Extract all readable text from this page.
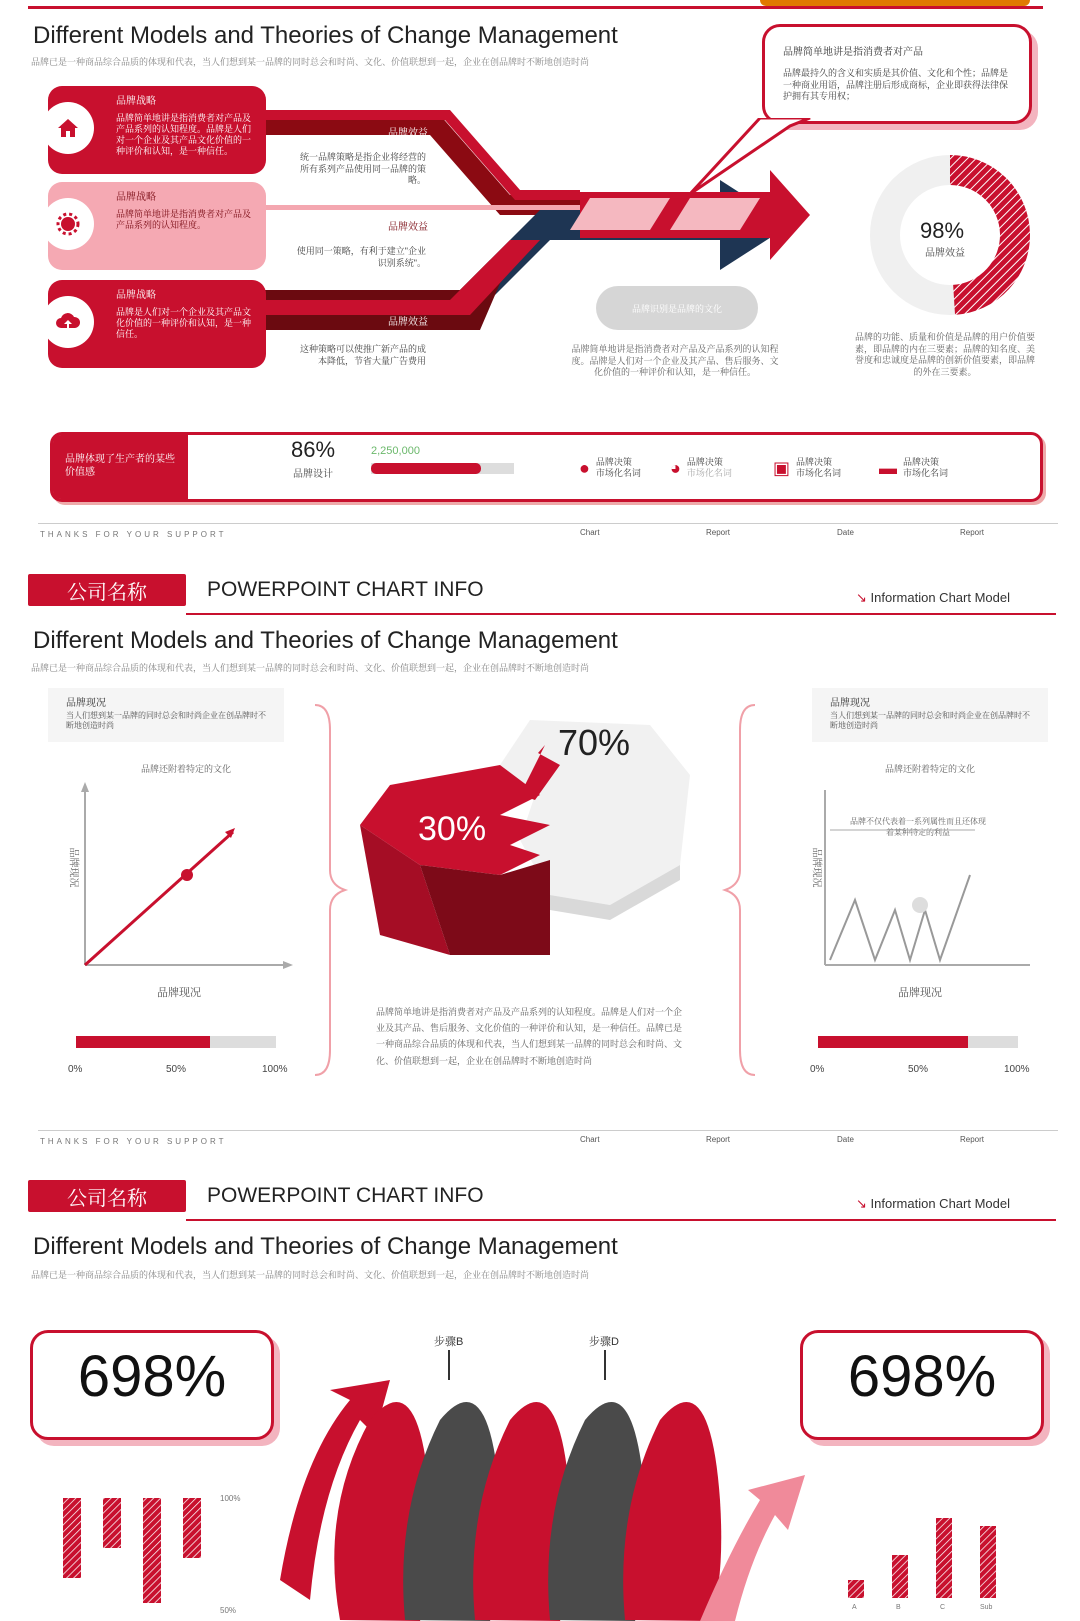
Different Models and Theories of Change Management
品牌已是一种商品综合品质的体现和代表，当人们想到某一品牌的同时总会和时尚、文化、价值联想到一起，企业在创品牌时不断地创造时尚
品牌战略
品牌简单地讲是指消费者对产品及产品系列的认知程度。品牌是人们对一个企业及其产品文化价值的一种评价和认知，是一种信任。
品牌战略
品牌简单地讲是指消费者对产品及产品系列的认知程度。
品牌战略
品牌是人们对一个企业及其产品文化价值的一种评价和认知，是一种信任。
品牌效益
品牌效益
品牌效益
统一品牌策略是指企业将经营的所有系列产品使用同一品牌的策略。
使用同一策略，有利于建立"企业识别系统"。
这种策略可以使推广新产品的成本降低，节省大量广告费用
品牌识别是品牌的文化
品牌简单地讲是指消费者对产品及产品系列的认知程度。品牌是人们对一个企业及其产品、售后服务、文化价值的一种评价和认知，是一种信任。
品牌简单地讲是指消费者对产品
品牌最持久的含义和实质是其价值、文化和个性；品牌是一种商业用语，品牌注册后形成商标，企业即获得法律保护拥有其专用权；
98%
品牌效益
品牌的功能、质量和价值是品牌的用户价值要素，即品牌的内在三要素；品牌的知名度、美誉度和忠诚度是品牌的创新价值要素，即品牌的外在三要素。
品牌体现了生产者的某些价值感
86%
品牌设计
2,250,000
● 品牌决策
市场化名词 ◕ 品牌决策
市场化名词 ▣ 品牌决策
市场化名词 ▬ 品牌决策
市场化名词
THANKS FOR YOUR SUPPORT	Chart	Report	Date	Report
公司名称	POWERPOINT CHART INFO	↘ Information Chart Model
Different Models and Theories of Change Management
品牌已是一种商品综合品质的体现和代表，当人们想到某一品牌的同时总会和时尚、文化、价值联想到一起，企业在创品牌时不断地创造时尚
品牌现况
当人们想到某一品牌的同时总会和时尚企业在创品牌时不断地创造时尚
品牌还附着特定的文化
品牌现况
品牌现况
0%	50%	100%
70%
30%
品牌简单地讲是指消费者对产品及产品系列的认知程度。品牌是人们对一个企业及其产品、售后服务、文化价值的一种评价和认知，是一种信任。品牌已是一种商品综合品质的体现和代表，当人们想到某一品牌的同时总会和时尚、文化、价值联想到一起，企业在创品牌时不断地创造时尚
品牌现况
当人们想到某一品牌的同时总会和时尚企业在创品牌时不断地创造时尚
品牌还附着特定的文化
品牌不仅代表着一系列属性而且还体现着某种特定的利益
品牌现况
品牌现况
0%	50%	100%
THANKS FOR YOUR SUPPORT	Chart	Report	Date	Report
公司名称	POWERPOINT CHART INFO	↘ Information Chart Model
Different Models and Theories of Change Management
品牌已是一种商品综合品质的体现和代表，当人们想到某一品牌的同时总会和时尚、文化、价值联想到一起，企业在创品牌时不断地创造时尚
步骤B	步骤D
698%	698%
100%
50%	A	B	C	Sub
